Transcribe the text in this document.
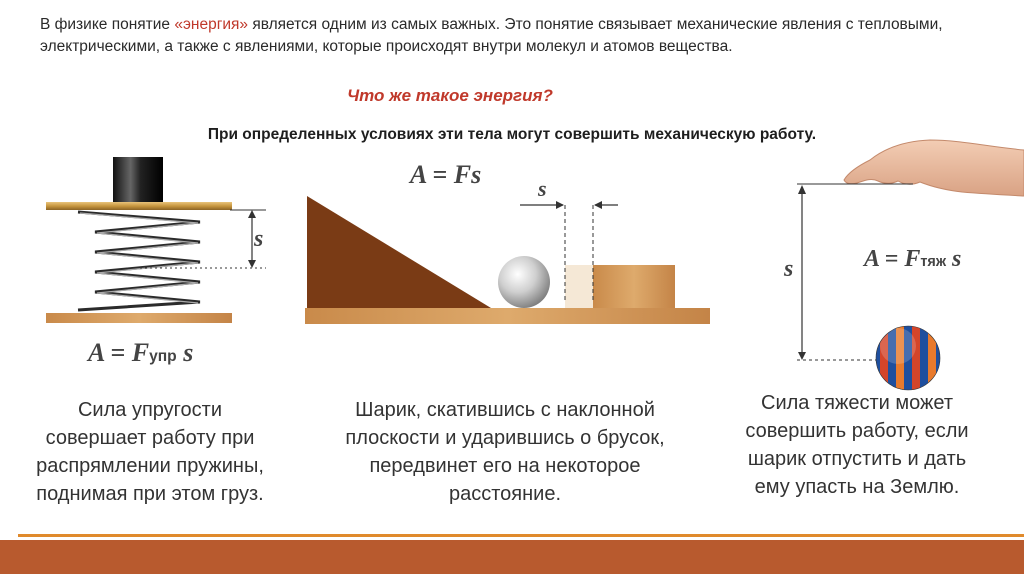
В физике понятие «энергия» является одним из самых важных. Это понятие связывает механические явления с тепловыми, электрическими, а также с явлениями, которые происходят внутри молекул и атомов вещества.
Что же такое энергия?
При определенных условиях эти тела могут совершить механическую работу.
s
A = Fупр s
A = Fs	s
s	A = Fтяж s
Сила упругости
совершает работу при
распрямлении пружины,
поднимая при этом груз.
Шарик, скатившись с наклонной
плоскости и ударившись о брусок,
передвинет его на некоторое
расстояние.
Сила тяжести может
совершить работу, если
шарик отпустить и дать
ему упасть на Землю.
